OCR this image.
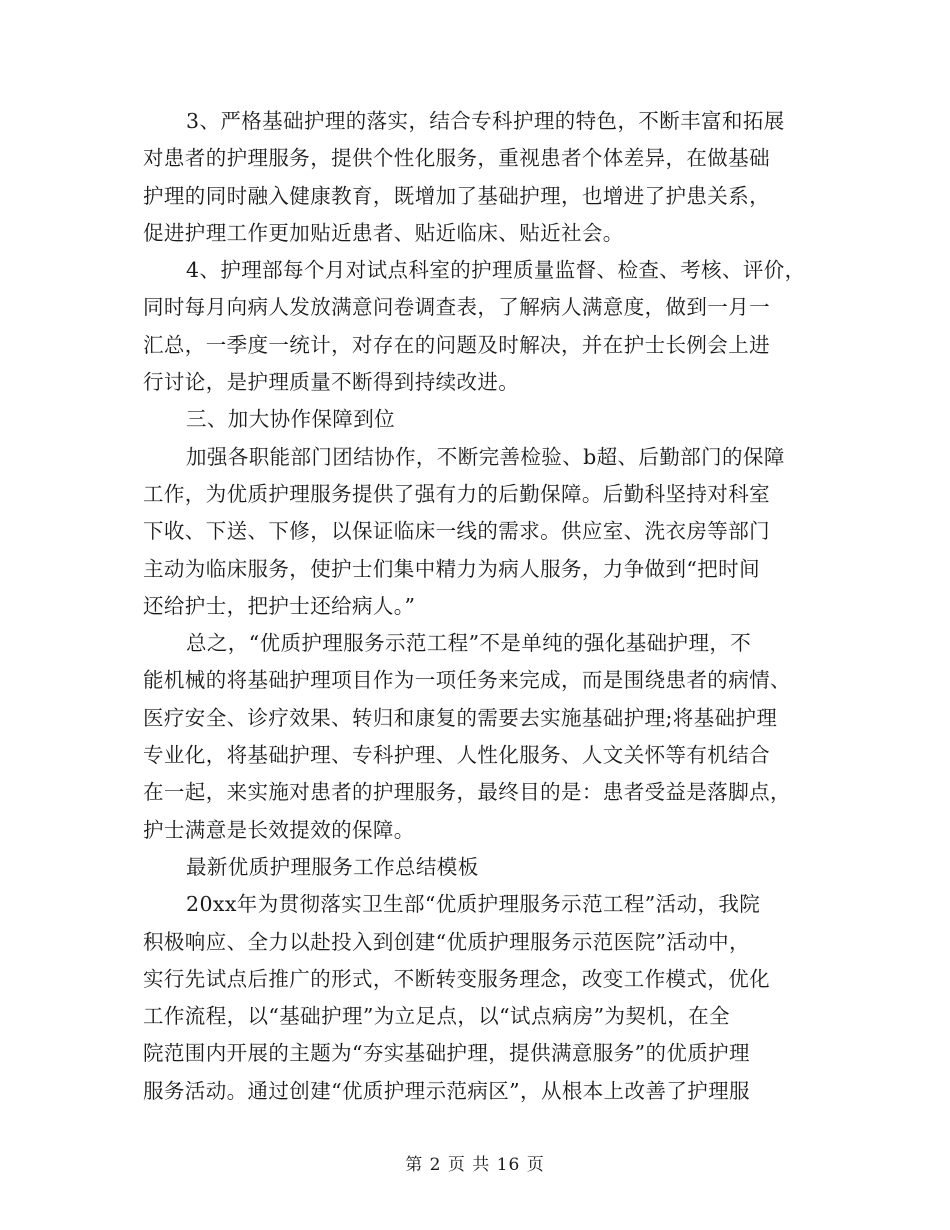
3、严格基础护理的落实，结合专科护理的特色，不断丰富和拓展
对患者的护理服务，提供个性化服务，重视患者个体差异，在做基础
护理的同时融入健康教育，既增加了基础护理，也增进了护患关系，
促进护理工作更加贴近患者、贴近临床、贴近社会。
4、护理部每个月对试点科室的护理质量监督、检查、考核、评价，
同时每月向病人发放满意问卷调查表，了解病人满意度，做到一月一
汇总，一季度一统计，对存在的问题及时解决，并在护士长例会上进
行讨论，是护理质量不断得到持续改进。
三、加大协作保障到位
加强各职能部门团结协作，不断完善检验、b超、后勤部门的保障
工作，为优质护理服务提供了强有力的后勤保障。后勤科坚持对科室
下收、下送、下修，以保证临床一线的需求。供应室、洗衣房等部门
主动为临床服务，使护士们集中精力为病人服务，力争做到“把时间
还给护士，把护士还给病人。”
总之，“优质护理服务示范工程”不是单纯的强化基础护理，不
能机械的将基础护理项目作为一项任务来完成，而是围绕患者的病情、
医疗安全、诊疗效果、转归和康复的需要去实施基础护理;将基础护理
专业化，将基础护理、专科护理、人性化服务、人文关怀等有机结合
在一起，来实施对患者的护理服务，最终目的是：患者受益是落脚点，
护士满意是长效提效的保障。
最新优质护理服务工作总结模板
20xx年为贯彻落实卫生部“优质护理服务示范工程”活动，我院
积极响应、全力以赴投入到创建“优质护理服务示范医院”活动中，
实行先试点后推广的形式，不断转变服务理念，改变工作模式，优化
工作流程，以“基础护理”为立足点，以“试点病房”为契机，在全
院范围内开展的主题为“夯实基础护理，提供满意服务”的优质护理
服务活动。通过创建“优质护理示范病区”，从根本上改善了护理服
第 2 页 共 16 页
